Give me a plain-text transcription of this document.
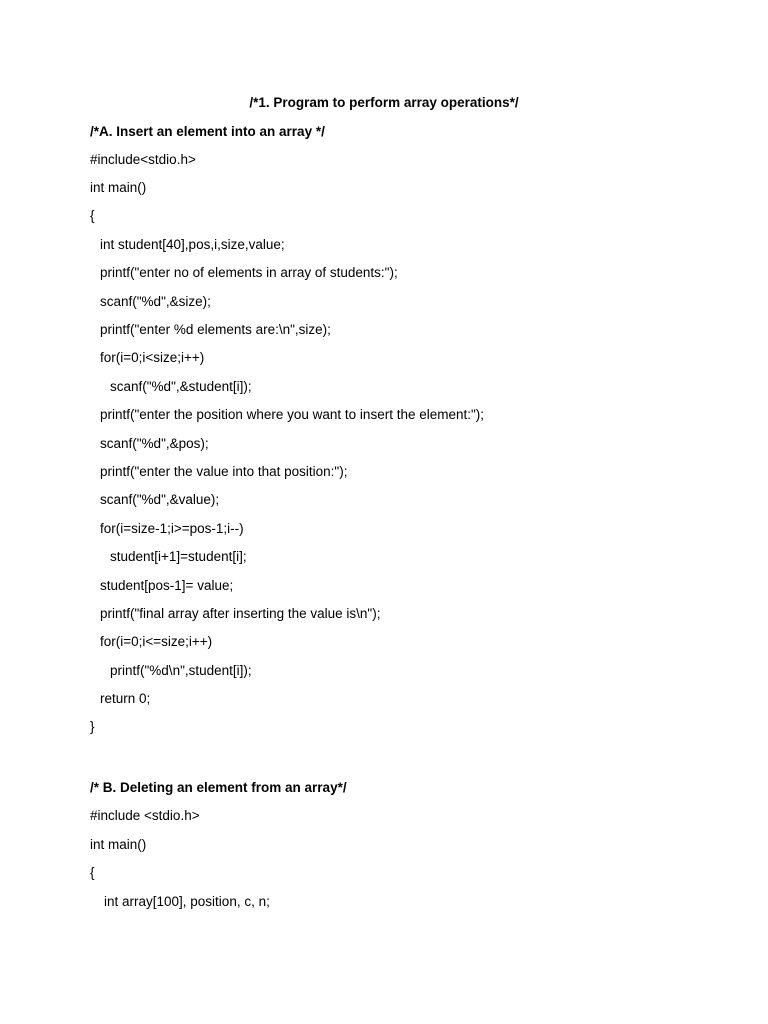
/*1. Program to perform array operations*/
/*A. Insert an element into an array */
#include<stdio.h>
int main()
{
int student[40],pos,i,size,value;
printf("enter no of elements in array of students:");
scanf("%d",&size);
printf("enter %d elements are:\n",size);
for(i=0;i<size;i++)
scanf("%d",&student[i]);
printf("enter the position where you want to insert the element:");
scanf("%d",&pos);
printf("enter the value into that position:");
scanf("%d",&value);
for(i=size-1;i>=pos-1;i--)
student[i+1]=student[i];
student[pos-1]= value;
printf("final array after inserting the value is\n");
for(i=0;i<=size;i++)
printf("%d\n",student[i]);
return 0;
}
/* B. Deleting an element from an array*/
#include <stdio.h>
int main()
{
int array[100], position, c, n;
